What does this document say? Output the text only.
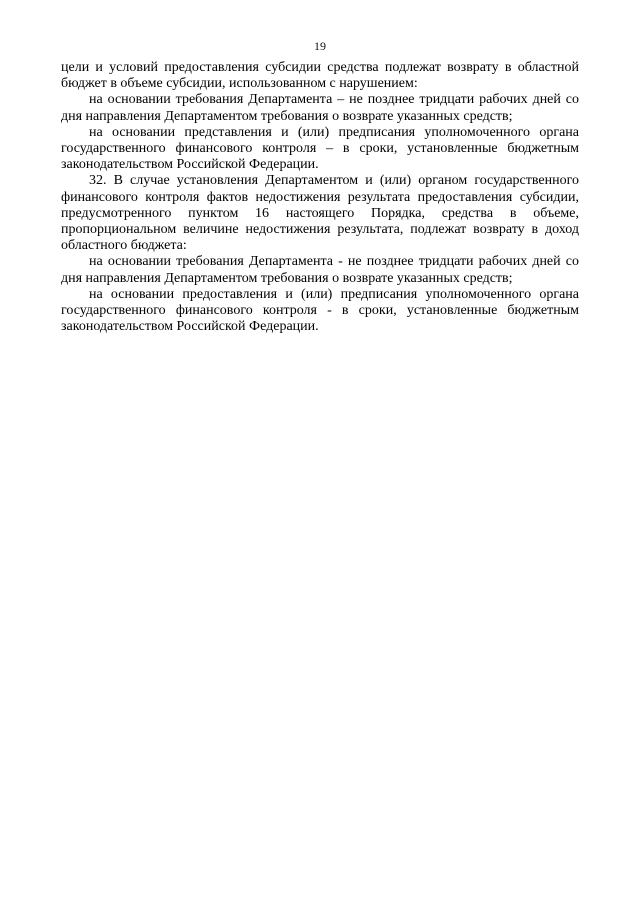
19

цели и условий предоставления субсидии средства подлежат возврату в областной бюджет в объеме субсидии, использованном с нарушением:

на основании требования Департамента – не позднее тридцати рабочих дней со дня направления Департаментом требования о возврате указанных средств;

на основании представления и (или) предписания уполномоченного органа государственного финансового контроля – в сроки, установленные бюджетным законодательством Российской Федерации.

32. В случае установления Департаментом и (или) органом государственного финансового контроля фактов недостижения результата предоставления субсидии, предусмотренного пунктом 16 настоящего Порядка, средства в объеме, пропорциональном величине недостижения результата, подлежат возврату в доход областного бюджета:

на основании требования Департамента - не позднее тридцати рабочих дней со дня направления Департаментом требования о возврате указанных средств;

на основании предоставления и (или) предписания уполномоченного органа государственного финансового контроля - в сроки, установленные бюджетным законодательством Российской Федерации.
